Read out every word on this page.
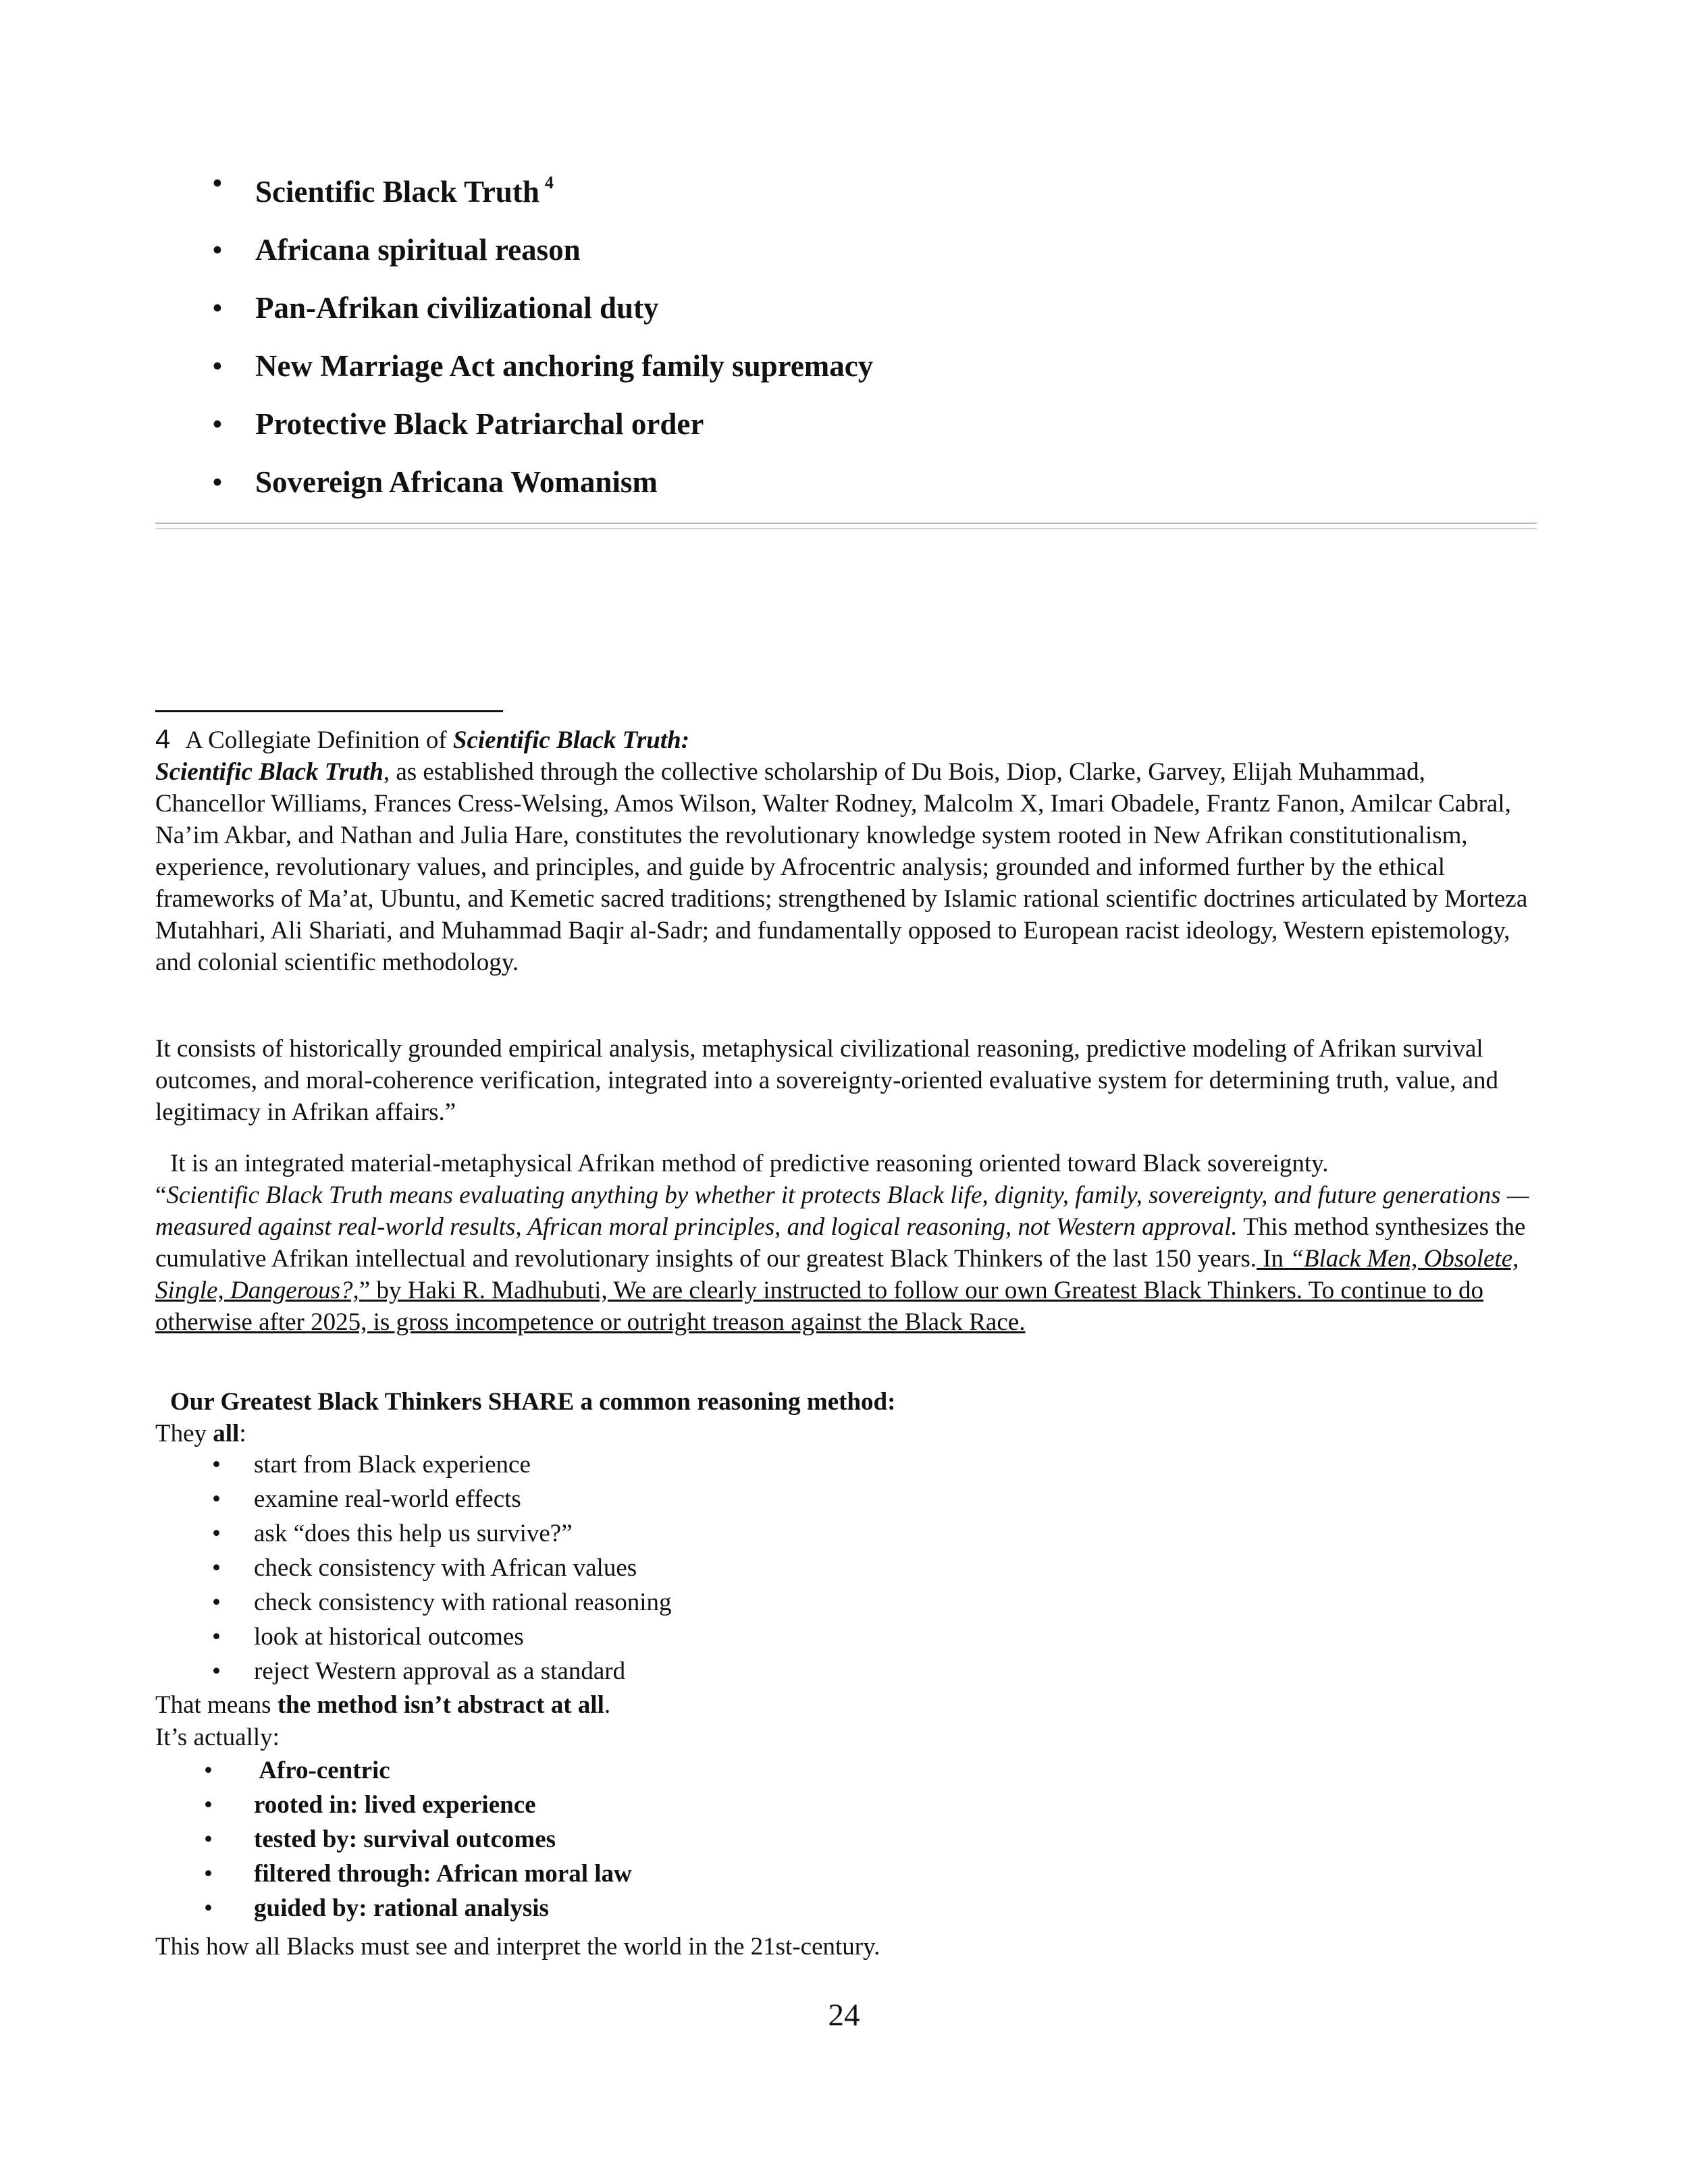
• Scientific Black Truth $^4$
• Africana spiritual reason
• Pan-Afrikan civilizational duty
• New Marriage Act anchoring family supremacy
• Protective Black Patriarchal order
• Sovereign Africana Womanism
4 A Collegiate Definition of Scientific Black Truth:

Scientific Black Truth, as established through the collective scholarship of Du Bois, Diop, Clarke, Garvey, Elijah Muhammad, Chancellor Williams, Frances Cress-Welsing, Amos Wilson, Walter Rodney, Malcolm X, Imari Obadele, Frantz Fanon, Amilcar Cabral, Na’im Akbar, and Nathan and Julia Hare, constitutes the revolutionary knowledge system rooted in New Afrikan constitutionalism, experience, revolutionary values, and principles, and guide by Afrocentric analysis; grounded and informed further by the ethical frameworks of Ma’at, Ubuntu, and Kemetic sacred traditions; strengthened by Islamic rational scientific doctrines articulated by Morteza Mutahhari, Ali Shariati, and Muhammad Baqir al-Sadr; and fundamentally opposed to European racist ideology, Western epistemology, and colonial scientific methodology.

It consists of historically grounded empirical analysis, metaphysical civilizational reasoning, predictive modeling of Afrikan survival outcomes, and moral-coherence verification, integrated into a sovereignty-oriented evaluative system for determining truth, value, and legitimacy in Afrikan affairs.”

It is an integrated material-metaphysical Afrikan method of predictive reasoning oriented toward Black sovereignty.
“Scientific Black Truth means evaluating anything by whether it protects Black life, dignity, family, sovereignty, and future generations — measured against real-world results, African moral principles, and logical reasoning, not Western approval. This method synthesizes the cumulative Afrikan intellectual and revolutionary insights of our greatest Black Thinkers of the last 150 years. In “Black Men, Obsolete, Single, Dangerous?,” by Haki R. Madhubuti, We are clearly instructed to follow our own Greatest Black Thinkers. To continue to do otherwise after 2025, is gross incompetence or outright treason against the Black Race.

Our Greatest Black Thinkers SHARE a common reasoning method:
They all:
• start from Black experience
• examine real-world effects
• ask “does this help us survive?”
• check consistency with African values
• check consistency with rational reasoning
• look at historical outcomes
• reject Western approval as a standard
That means the method isn’t abstract at all.
It’s actually:
•  Afro-centric
• rooted in: lived experience
• tested by: survival outcomes
• filtered through: African moral law
• guided by: rational analysis
This how all Blacks must see and interpret the world in the 21st-century.
24
